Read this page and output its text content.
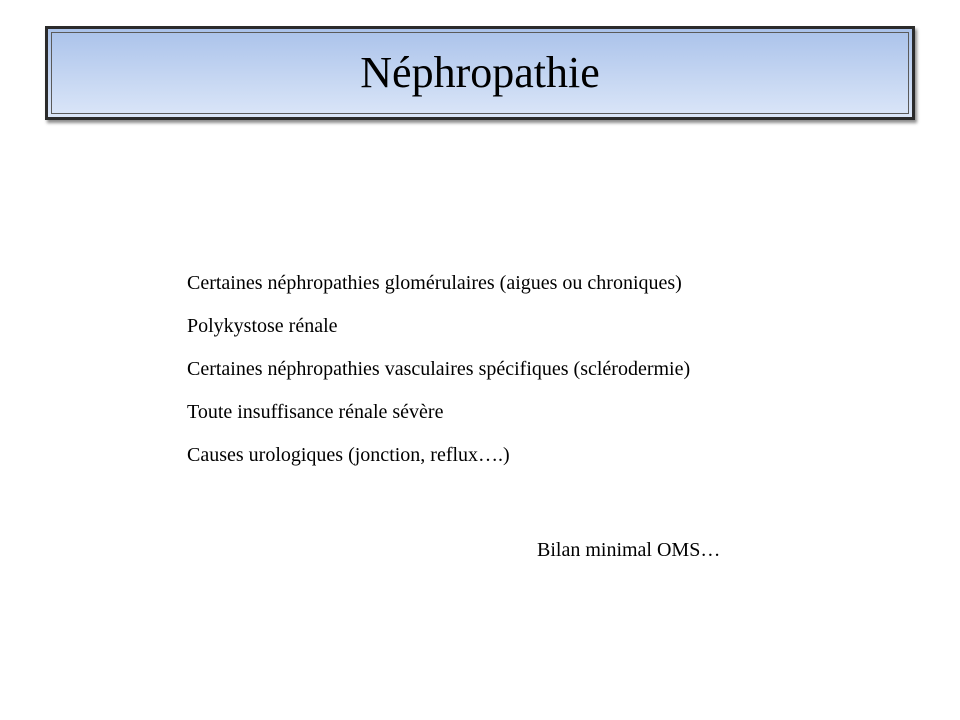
Néphropathie
Certaines néphropathies glomérulaires (aigues ou chroniques)
Polykystose rénale
Certaines néphropathies vasculaires spécifiques (sclérodermie)
Toute insuffisance rénale sévère
Causes urologiques (jonction, reflux….)
Bilan minimal OMS…
